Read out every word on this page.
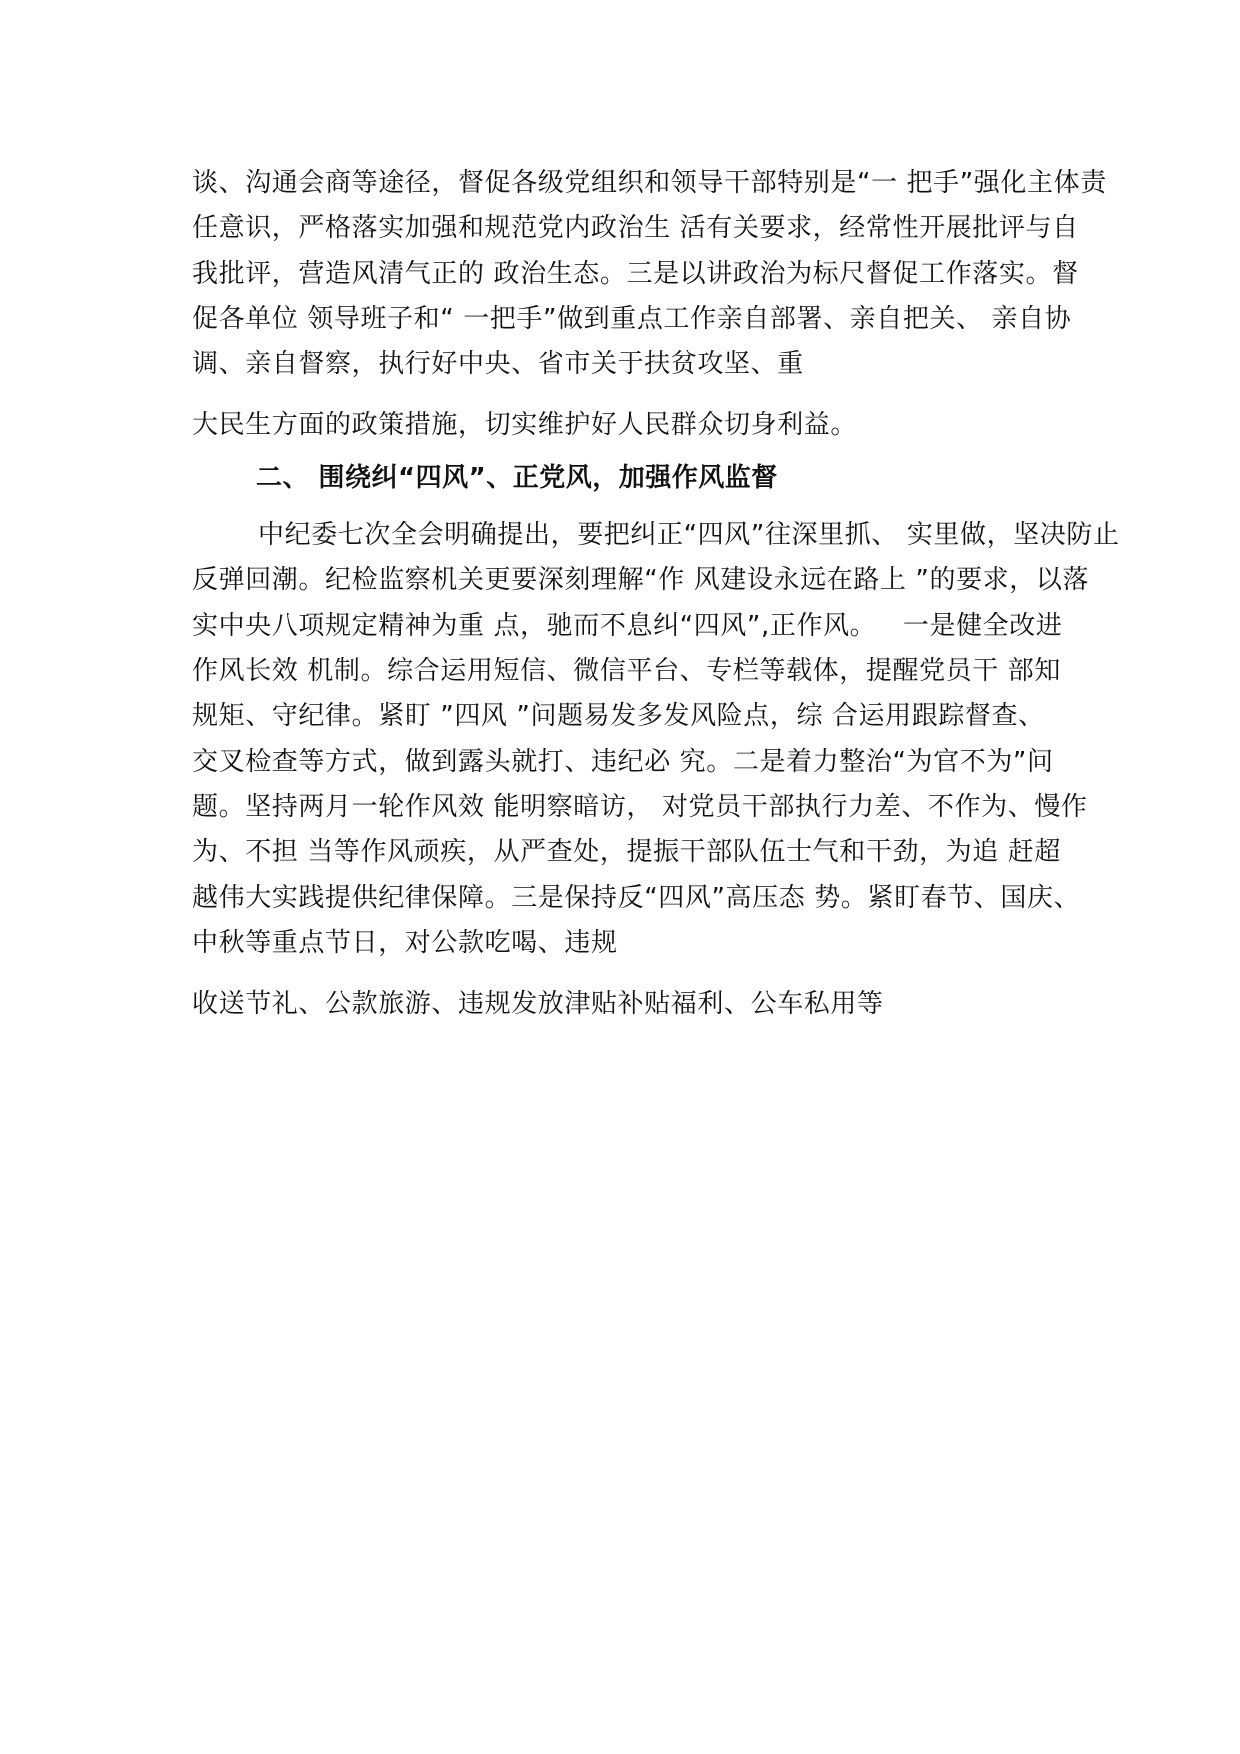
谈、沟通会商等途径，督促各级党组织和领导干部特别是“一 把手”强化主体责
任意识，严格落实加强和规范党内政治生 活有关要求，经常性开展批评与自
我批评，营造风清气正的 政治生态。三是以讲政治为标尺督促工作落实。督
促各单位 领导班子和“ 一把手”做到重点工作亲自部署、亲自把关、 亲自协
调、亲自督察，执行好中央、省市关于扶贫攻坚、重
大民生方面的政策措施，切实维护好人民群众切身利益。
二、 围绕纠“四风”、正党风，加强作风监督
中纪委七次全会明确提出，要把纠正“四风”往深里抓、 实里做，坚决防止
反弹回潮。纪检监察机关更要深刻理解“作 风建设永远在路上 ”的要求，以落
实中央八项规定精神为重 点，驰而不息纠“四风”,正作风。   一是健全改进
作风长效 机制。综合运用短信、微信平台、专栏等载体，提醒党员干 部知
规矩、守纪律。紧盯 ”四风 ”问题易发多发风险点，综 合运用跟踪督查、
交叉检查等方式，做到露头就打、违纪必 究。二是着力整治“为官不为”问
题。坚持两月一轮作风效 能明察暗访， 对党员干部执行力差、不作为、慢作
为、不担 当等作风顽疾，从严查处，提振干部队伍士气和干劲，为追 赶超
越伟大实践提供纪律保障。三是保持反“四风”高压态 势。紧盯春节、国庆、
中秋等重点节日，对公款吃喝、违规
收送节礼、公款旅游、违规发放津贴补贴福利、公车私用等
